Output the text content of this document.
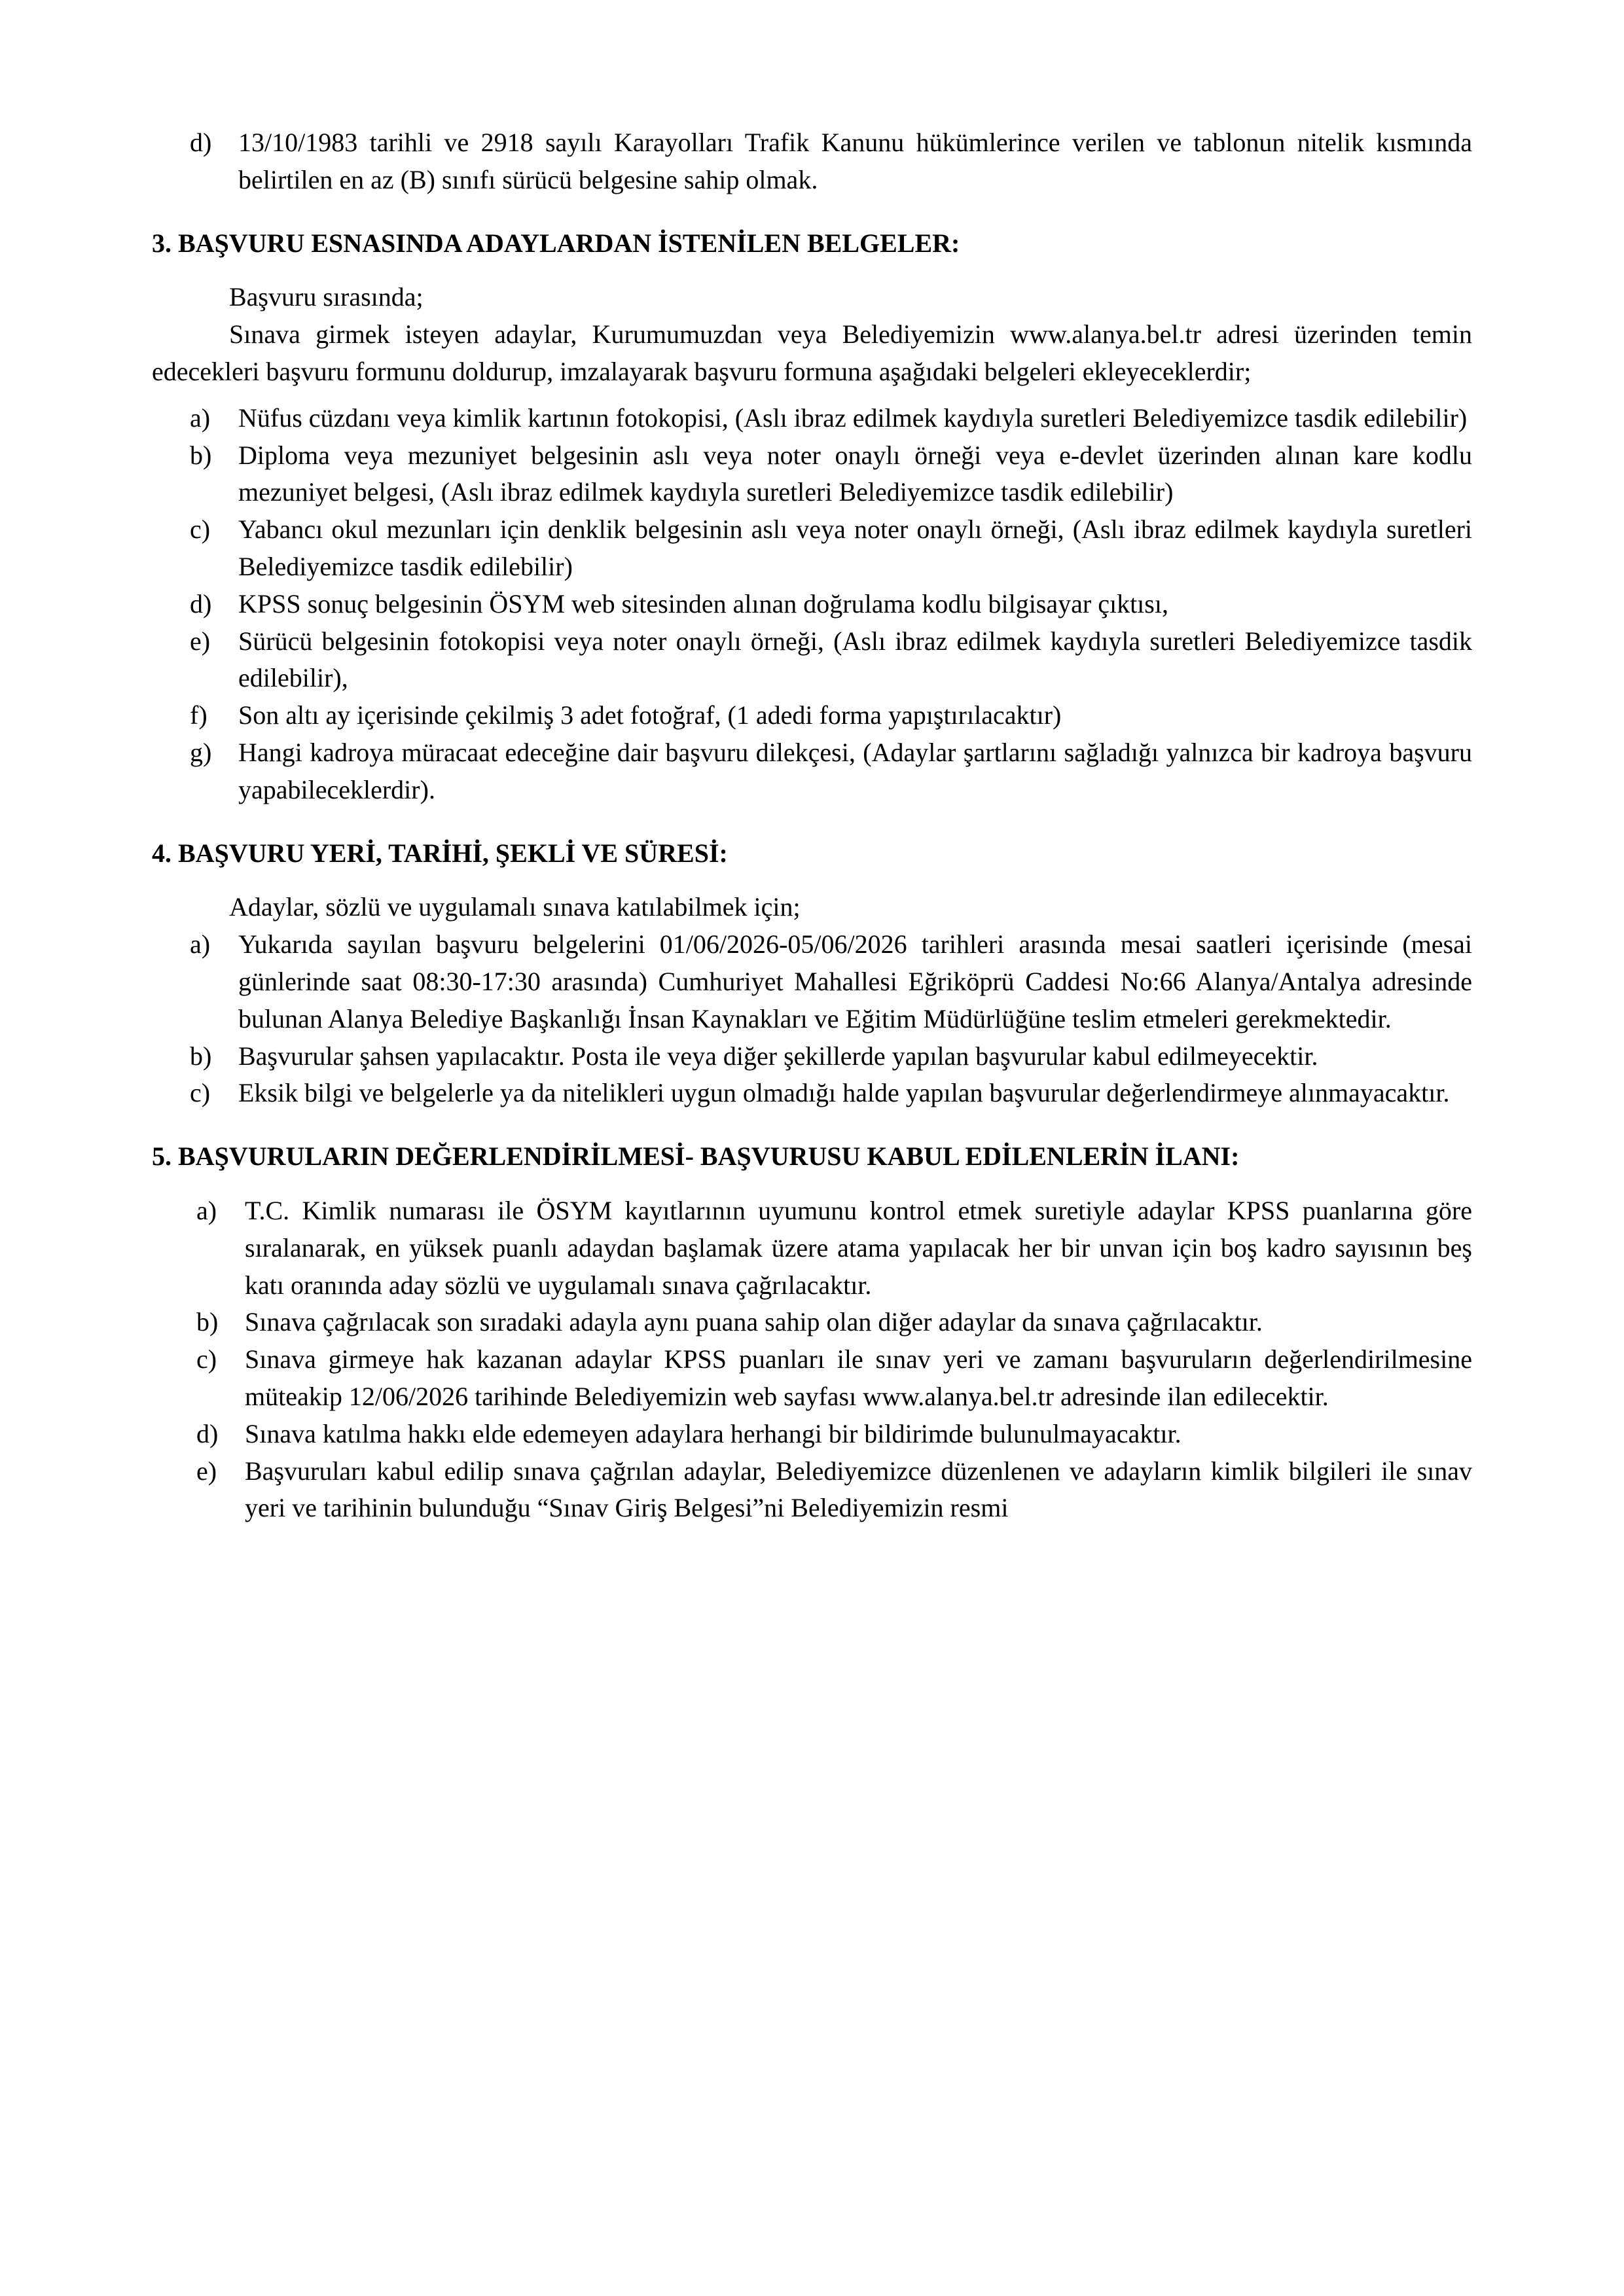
d)	13/10/1983 tarihli ve 2918 sayılı Karayolları Trafik Kanunu hükümlerince verilen ve tablonun nitelik kısmında belirtilen en az (B) sınıfı sürücü belgesine sahip olmak.
3. BAŞVURU ESNASINDA ADAYLARDAN İSTENİLEN BELGELER:

Başvuru sırasında;

Sınava girmek isteyen adaylar, Kurumumuzdan veya Belediyemizin www.alanya.bel.tr adresi üzerinden temin edecekleri başvuru formunu doldurup, imzalayarak başvuru formuna aşağıdaki belgeleri ekleyeceklerdir;

a)	Nüfus cüzdanı veya kimlik kartının fotokopisi, (Aslı ibraz edilmek kaydıyla suretleri Belediyemizce tasdik edilebilir)
b)	Diploma veya mezuniyet belgesinin aslı veya noter onaylı örneği veya e-devlet üzerinden alınan kare kodlu mezuniyet belgesi, (Aslı ibraz edilmek kaydıyla suretleri Belediyemizce tasdik edilebilir)
c)	Yabancı okul mezunları için denklik belgesinin aslı veya noter onaylı örneği, (Aslı ibraz edilmek kaydıyla suretleri Belediyemizce tasdik edilebilir)
d)	KPSS sonuç belgesinin ÖSYM web sitesinden alınan doğrulama kodlu bilgisayar çıktısı,
e)	Sürücü belgesinin fotokopisi veya noter onaylı örneği, (Aslı ibraz edilmek kaydıyla suretleri Belediyemizce tasdik edilebilir),
f)	Son altı ay içerisinde çekilmiş 3 adet fotoğraf, (1 adedi forma yapıştırılacaktır)
g)	Hangi kadroya müracaat edeceğine dair başvuru dilekçesi, (Adaylar şartlarını sağladığı yalnızca bir kadroya başvuru yapabileceklerdir).
4. BAŞVURU YERİ, TARİHİ, ŞEKLİ VE SÜRESİ:

Adaylar, sözlü ve uygulamalı sınava katılabilmek için;

a)	Yukarıda sayılan başvuru belgelerini 01/06/2026-05/06/2026 tarihleri arasında mesai saatleri içerisinde (mesai günlerinde saat 08:30-17:30 arasında) Cumhuriyet Mahallesi Eğriköprü Caddesi No:66 Alanya/Antalya adresinde bulunan Alanya Belediye Başkanlığı İnsan Kaynakları ve Eğitim Müdürlüğüne teslim etmeleri gerekmektedir.
b)	Başvurular şahsen yapılacaktır. Posta ile veya diğer şekillerde yapılan başvurular kabul edilmeyecektir.
c)	Eksik bilgi ve belgelerle ya da nitelikleri uygun olmadığı halde yapılan başvurular değerlendirmeye alınmayacaktır.
5. BAŞVURULARIN DEĞERLENDİRİLMESİ- BAŞVURUSU KABUL EDİLENLERİN İLANI:
a)	T.C. Kimlik numarası ile ÖSYM kayıtlarının uyumunu kontrol etmek suretiyle adaylar KPSS puanlarına göre sıralanarak, en yüksek puanlı adaydan başlamak üzere atama yapılacak her bir unvan için boş kadro sayısının beş katı oranında aday sözlü ve uygulamalı sınava çağrılacaktır.
b)	Sınava çağrılacak son sıradaki adayla aynı puana sahip olan diğer adaylar da sınava çağrılacaktır.
c)	Sınava girmeye hak kazanan adaylar KPSS puanları ile sınav yeri ve zamanı başvuruların değerlendirilmesine müteakip 12/06/2026 tarihinde Belediyemizin web sayfası www.alanya.bel.tr adresinde ilan edilecektir.
d)	Sınava katılma hakkı elde edemeyen adaylara herhangi bir bildirimde bulunulmayacaktır.
e)	Başvuruları kabul edilip sınava çağrılan adaylar, Belediyemizce düzenlenen ve adayların kimlik bilgileri ile sınav yeri ve tarihinin bulunduğu “Sınav Giriş Belgesi”ni Belediyemizin resmi
